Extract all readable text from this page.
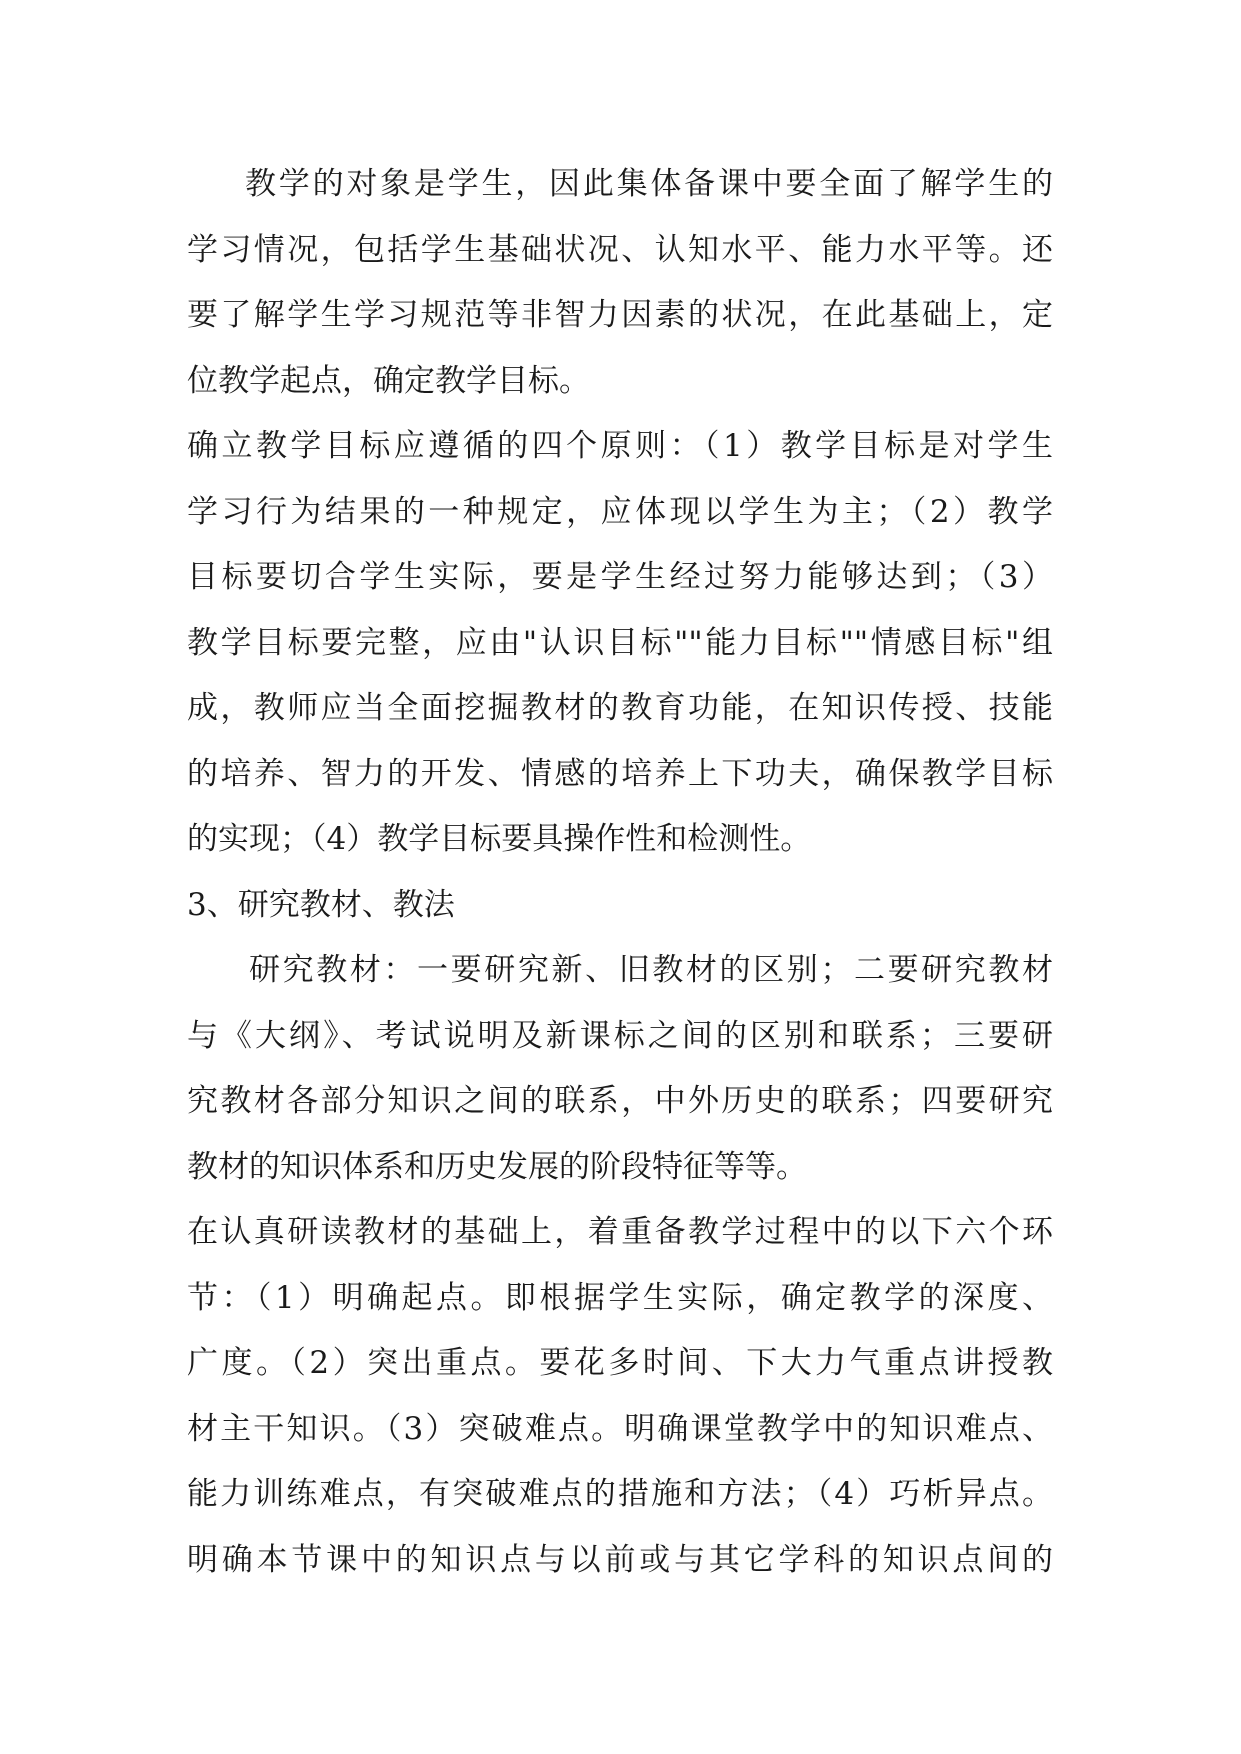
教学的对象是学生，因此集体备课中要全面了解学生的
学习情况，包括学生基础状况、认知水平、能力水平等。还
要了解学生学习规范等非智力因素的状况，在此基础上，定
位教学起点，确定教学目标。
确立教学目标应遵循的四个原则：（1）教学目标是对学生
学习行为结果的一种规定，应体现以学生为主；（2）教学
目标要切合学生实际，要是学生经过努力能够达到；（3）
教学目标要完整，应由"认识目标""能力目标""情感目标"组
成，教师应当全面挖掘教材的教育功能，在知识传授、技能
的培养、智力的开发、情感的培养上下功夫，确保教学目标
的实现；（4）教学目标要具操作性和检测性。
3、研究教材、教法
研究教材：一要研究新、旧教材的区别；二要研究教材
与《大纲》、考试说明及新课标之间的区别和联系；三要研
究教材各部分知识之间的联系，中外历史的联系；四要研究
教材的知识体系和历史发展的阶段特征等等。
在认真研读教材的基础上，着重备教学过程中的以下六个环
节：（1）明确起点。即根据学生实际，确定教学的深度、
广度。（2）突出重点。要花多时间、下大力气重点讲授教
材主干知识。（3）突破难点。明确课堂教学中的知识难点、
能力训练难点，有突破难点的措施和方法；（4）巧析异点。
明确本节课中的知识点与以前或与其它学科的知识点间的
